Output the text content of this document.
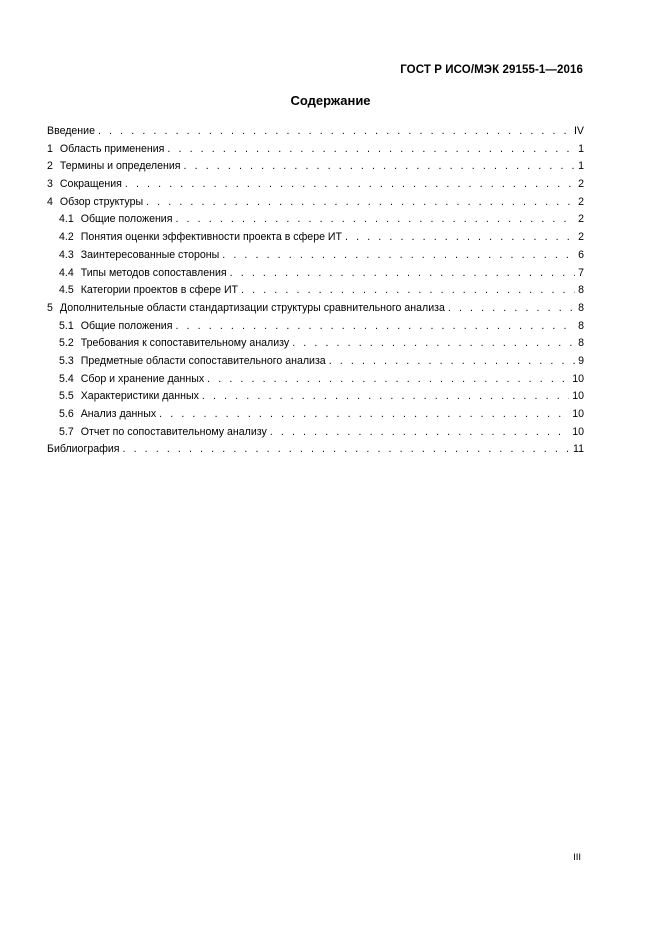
ГОСТ Р ИСО/МЭК 29155-1—2016
Содержание
Введение . . .	IV
1 Область применения . . .	1
2 Термины и определения . . .	1
3 Сокращения . . .	2
4 Обзор структуры . . .	2
4.1 Общие положения . . .	2
4.2 Понятия оценки эффективности проекта в сфере ИТ . . .	2
4.3 Заинтересованные стороны . . .	6
4.4 Типы методов сопоставления . . .	7
4.5 Категории проектов в сфере ИТ . . .	8
5 Дополнительные области стандартизации структуры сравнительного анализа . . .	8
5.1 Общие положения . . .	8
5.2 Требования к сопоставительному анализу . . .	8
5.3 Предметные области сопоставительного анализа . . .	9
5.4 Сбор и хранение данных . . .	10
5.5 Характеристики данных . . .	10
5.6 Анализ данных . . .	10
5.7 Отчет по сопоставительному анализу . . .	10
Библиография . . .	11
III
